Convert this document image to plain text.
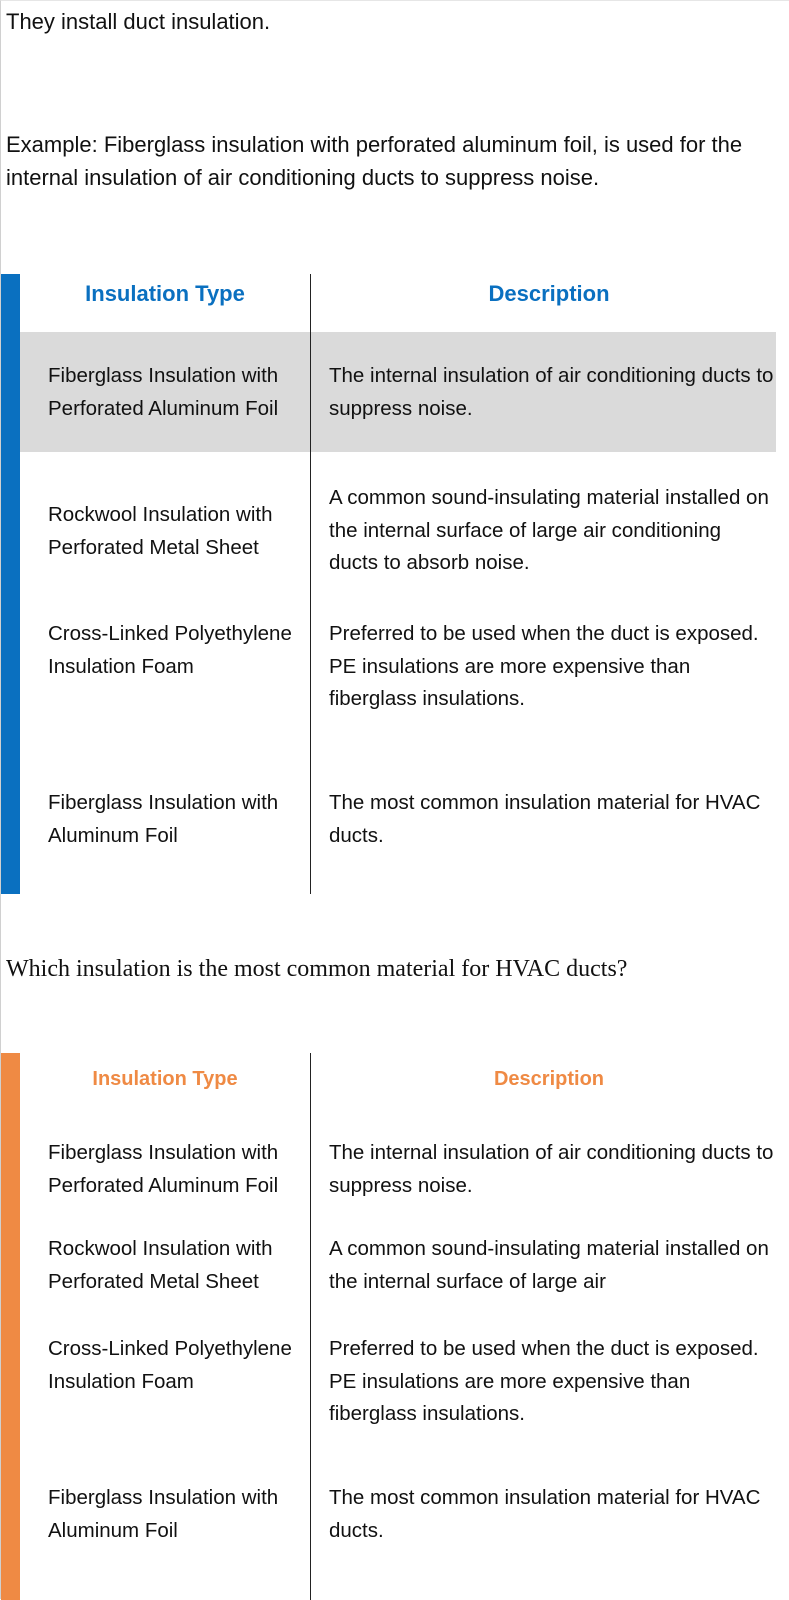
They install duct insulation.

Example: Fiberglass insulation with perforated aluminum foil, is used for the internal insulation of air conditioning ducts to suppress noise.

Insulation Type	Description
Fiberglass Insulation with Perforated Aluminum Foil
The internal insulation of air conditioning ducts to suppress noise.
Rockwool Insulation with Perforated Metal Sheet
A common sound-insulating material installed on the internal surface of large air conditioning ducts to absorb noise.
Cross-Linked Polyethylene Insulation Foam
Preferred to be used when the duct is exposed. PE insulations are more expensive than fiberglass insulations.
Fiberglass Insulation with Aluminum Foil
The most common insulation material for HVAC ducts.

Which insulation is the most common material for HVAC ducts?

Insulation Type	Description
Fiberglass Insulation with Perforated Aluminum Foil
The internal insulation of air conditioning ducts to suppress noise.
Rockwool Insulation with Perforated Metal Sheet
A common sound-insulating material installed on the internal surface of large air
Cross-Linked Polyethylene Insulation Foam
Preferred to be used when the duct is exposed. PE insulations are more expensive than fiberglass insulations.
Fiberglass Insulation with Aluminum Foil
The most common insulation material for HVAC ducts.
